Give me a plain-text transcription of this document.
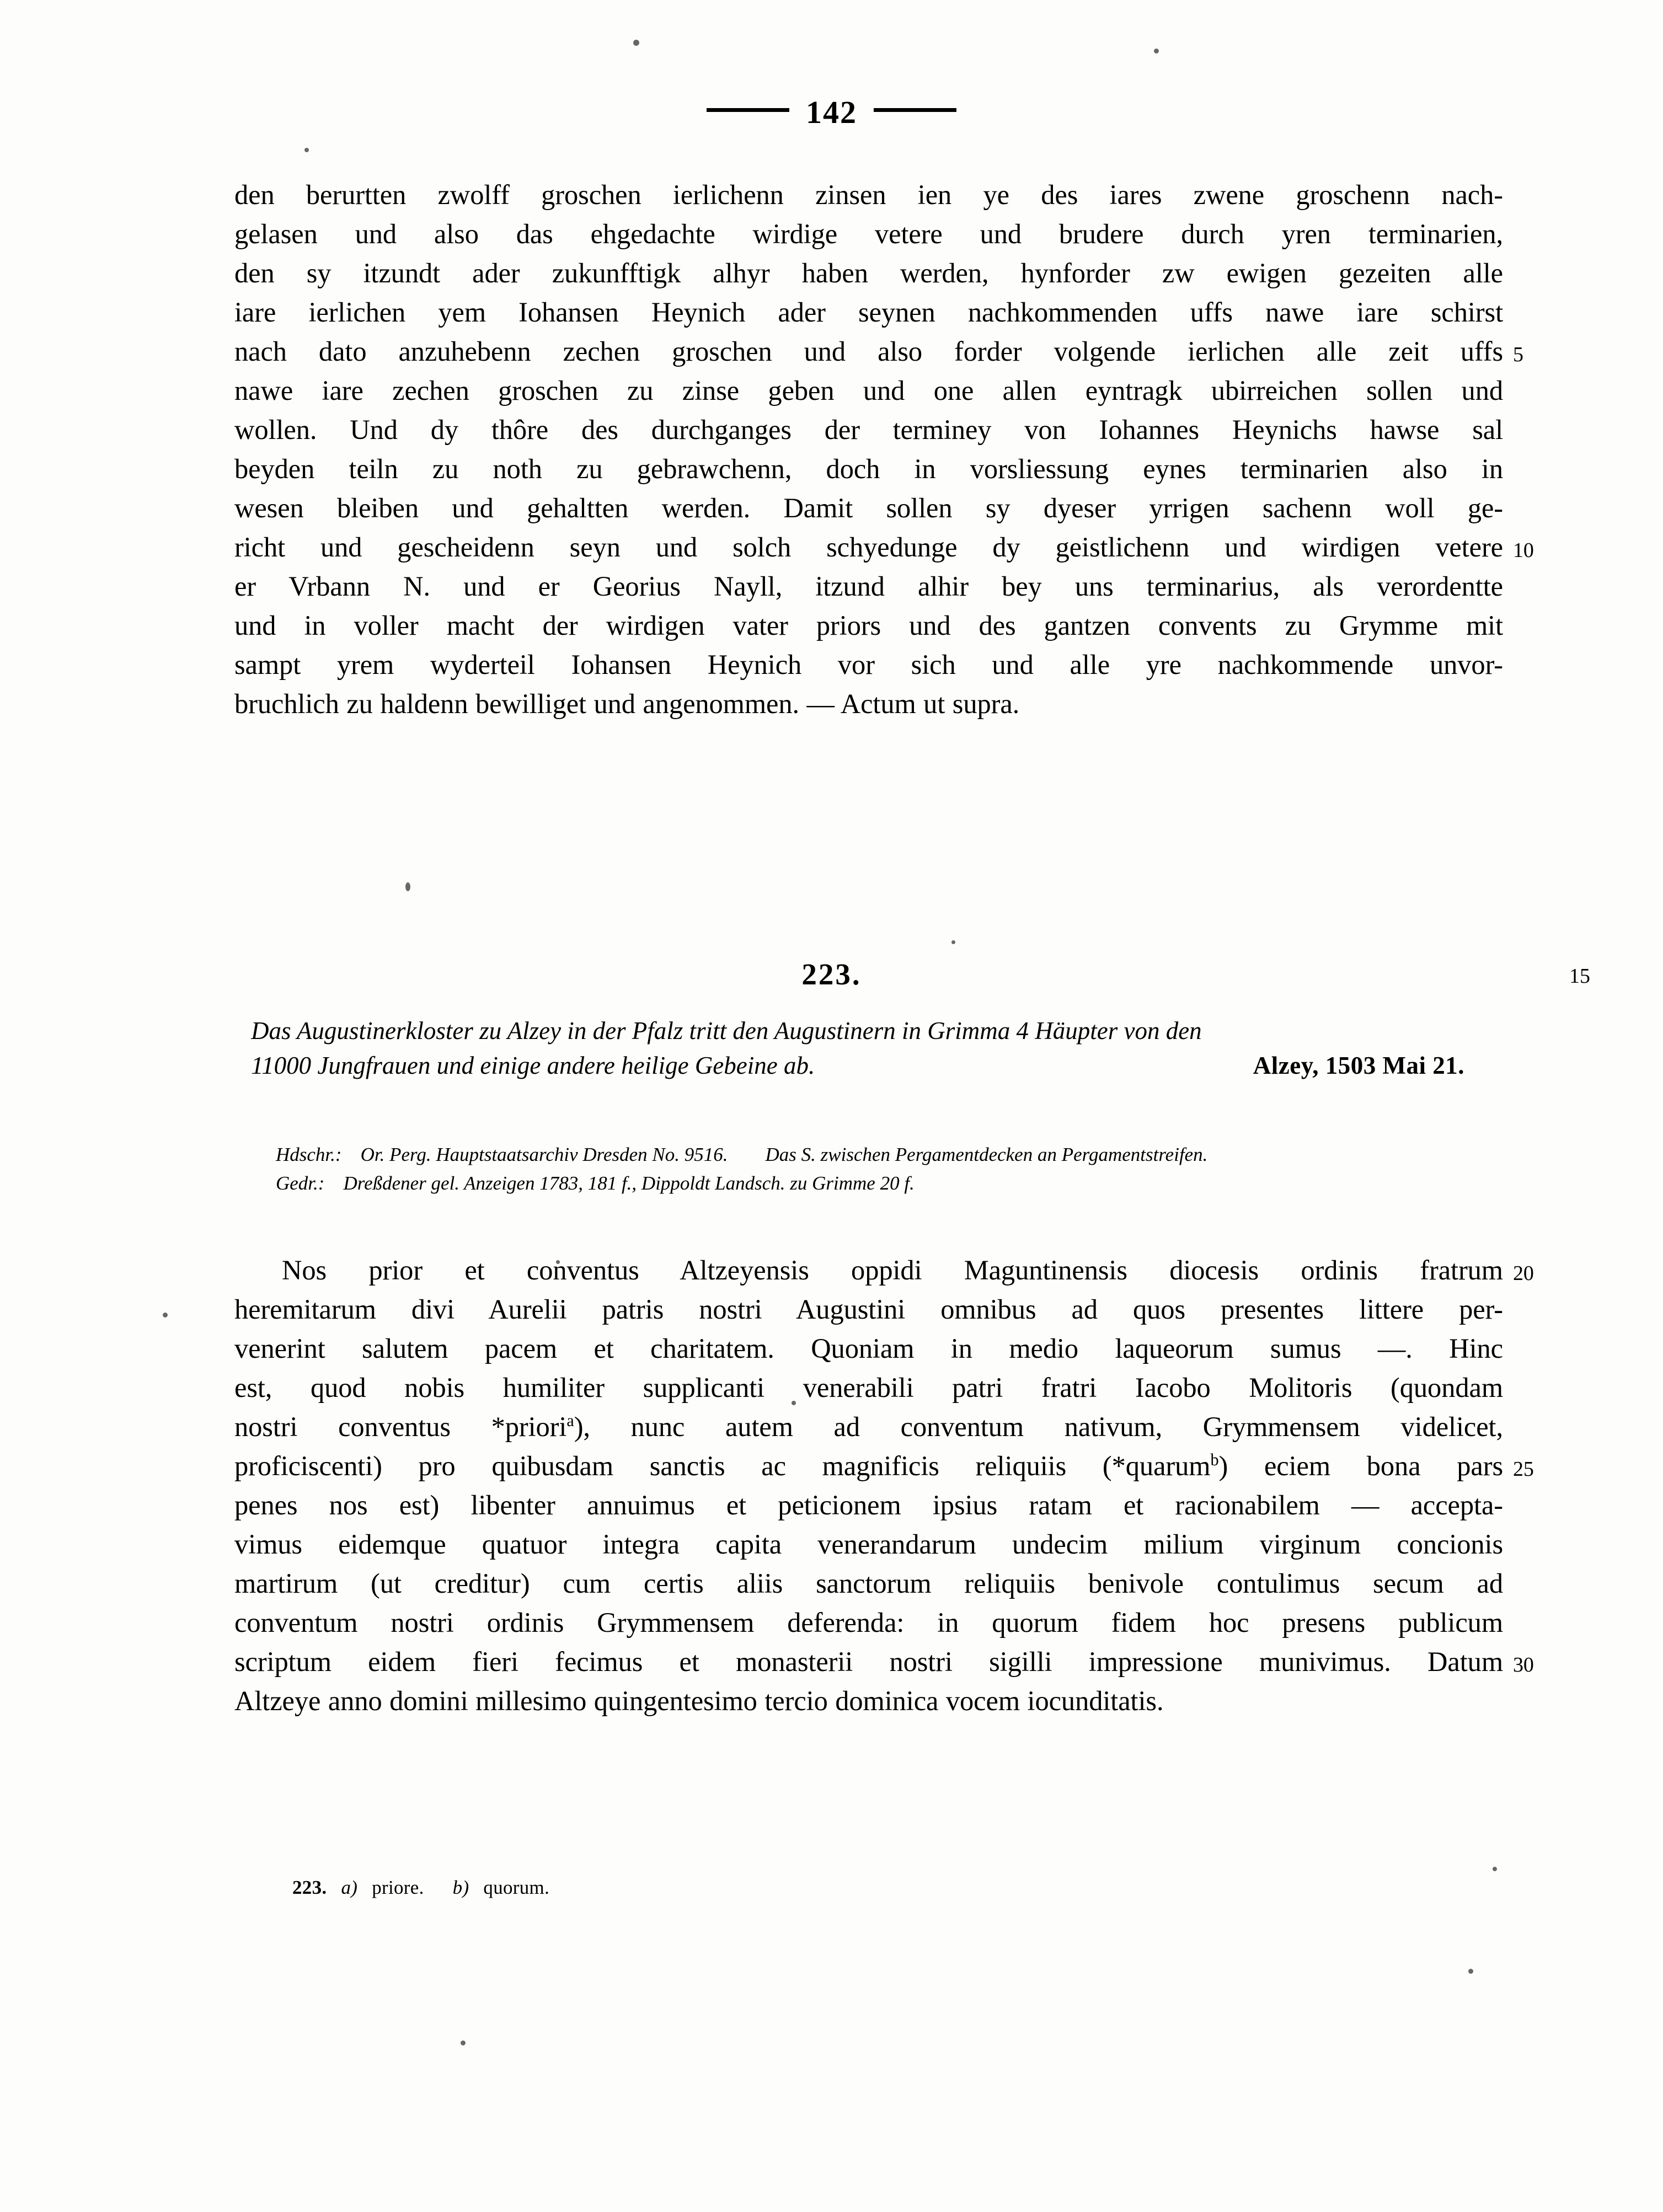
142
den berurtten zwolff groschen ierlichenn zinsen ien ye des iares zwene groschenn nach-
gelasen und also das ehgedachte wirdige vetere und brudere durch yren terminarien,
den sy itzundt ader zukunfftigk alhyr haben werden, hynforder zw ewigen gezeiten alle
iare ierlichen yem Iohansen Heynich ader seynen nachkommenden uffs nawe iare schirst
nach dato anzuhebenn zechen groschen und also forder volgende ierlichen alle zeit uffs 5
nawe iare zechen groschen zu zinse geben und one allen eyntragk ubirreichen sollen und
wollen. Und dy thôre des durchganges der terminey von Iohannes Heynichs hawse sal
beyden teiln zu noth zu gebrawchenn, doch in vorsliessung eynes terminarien also in
wesen bleiben und gehaltten werden. Damit sollen sy dyeser yrrigen sachenn woll ge-
richt und gescheidenn seyn und solch schyedunge dy geistlichenn und wirdigen vetere 10
er Vrbann N. und er Georius Nayll, itzund alhir bey uns terminarius, als verordentte
und in voller macht der wirdigen vater priors und des gantzen convents zu Grymme mit
sampt yrem wyderteil Iohansen Heynich vor sich und alle yre nachkommende unvor-
bruchlich zu haldenn bewilliget und angenommen. — Actum ut supra.
223.	15
Das Augustinerkloster zu Alzey in der Pfalz tritt den Augustinern in Grimma 4 Häupter von den
11000 Jungfrauen und einige andere heilige Gebeine ab.	Alzey, 1503 Mai 21.
Hdschr.: Or. Perg. Hauptstaatsarchiv Dresden No. 9516. Das S. zwischen Pergamentdecken an Pergamentstreifen.
Gedr.: Dreßdener gel. Anzeigen 1783, 181 f., Dippoldt Landsch. zu Grimme 20 f.
Nos prior et conventus Altzeyensis oppidi Maguntinensis diocesis ordinis fratrum 20
heremitarum divi Aurelii patris nostri Augustini omnibus ad quos presentes littere per-
venerint salutem pacem et charitatem. Quoniam in medio laqueorum sumus —. Hinc
est, quod nobis humiliter supplicanti venerabili patri fratri Iacobo Molitoris (quondam
nostri conventus *priori$^a$), nunc autem ad conventum nativum, Grymmensem videlicet,
proficiscenti) pro quibusdam sanctis ac magnificis reliquiis (*quarum$^b$) eciem bona pars 25
penes nos est) libenter annuimus et peticionem ipsius ratam et racionabilem — accepta-
vimus eidemque quatuor integra capita venerandarum undecim milium virginum concionis
martirum (ut creditur) cum certis aliis sanctorum reliquiis benivole contulimus secum ad
conventum nostri ordinis Grymmensem deferenda: in quorum fidem hoc presens publicum
scriptum eidem fieri fecimus et monasterii nostri sigilli impressione munivimus. Datum 30
Altzeye anno domini millesimo quingentesimo tercio dominica vocem iocunditatis.
223. a) priore. b) quorum.
